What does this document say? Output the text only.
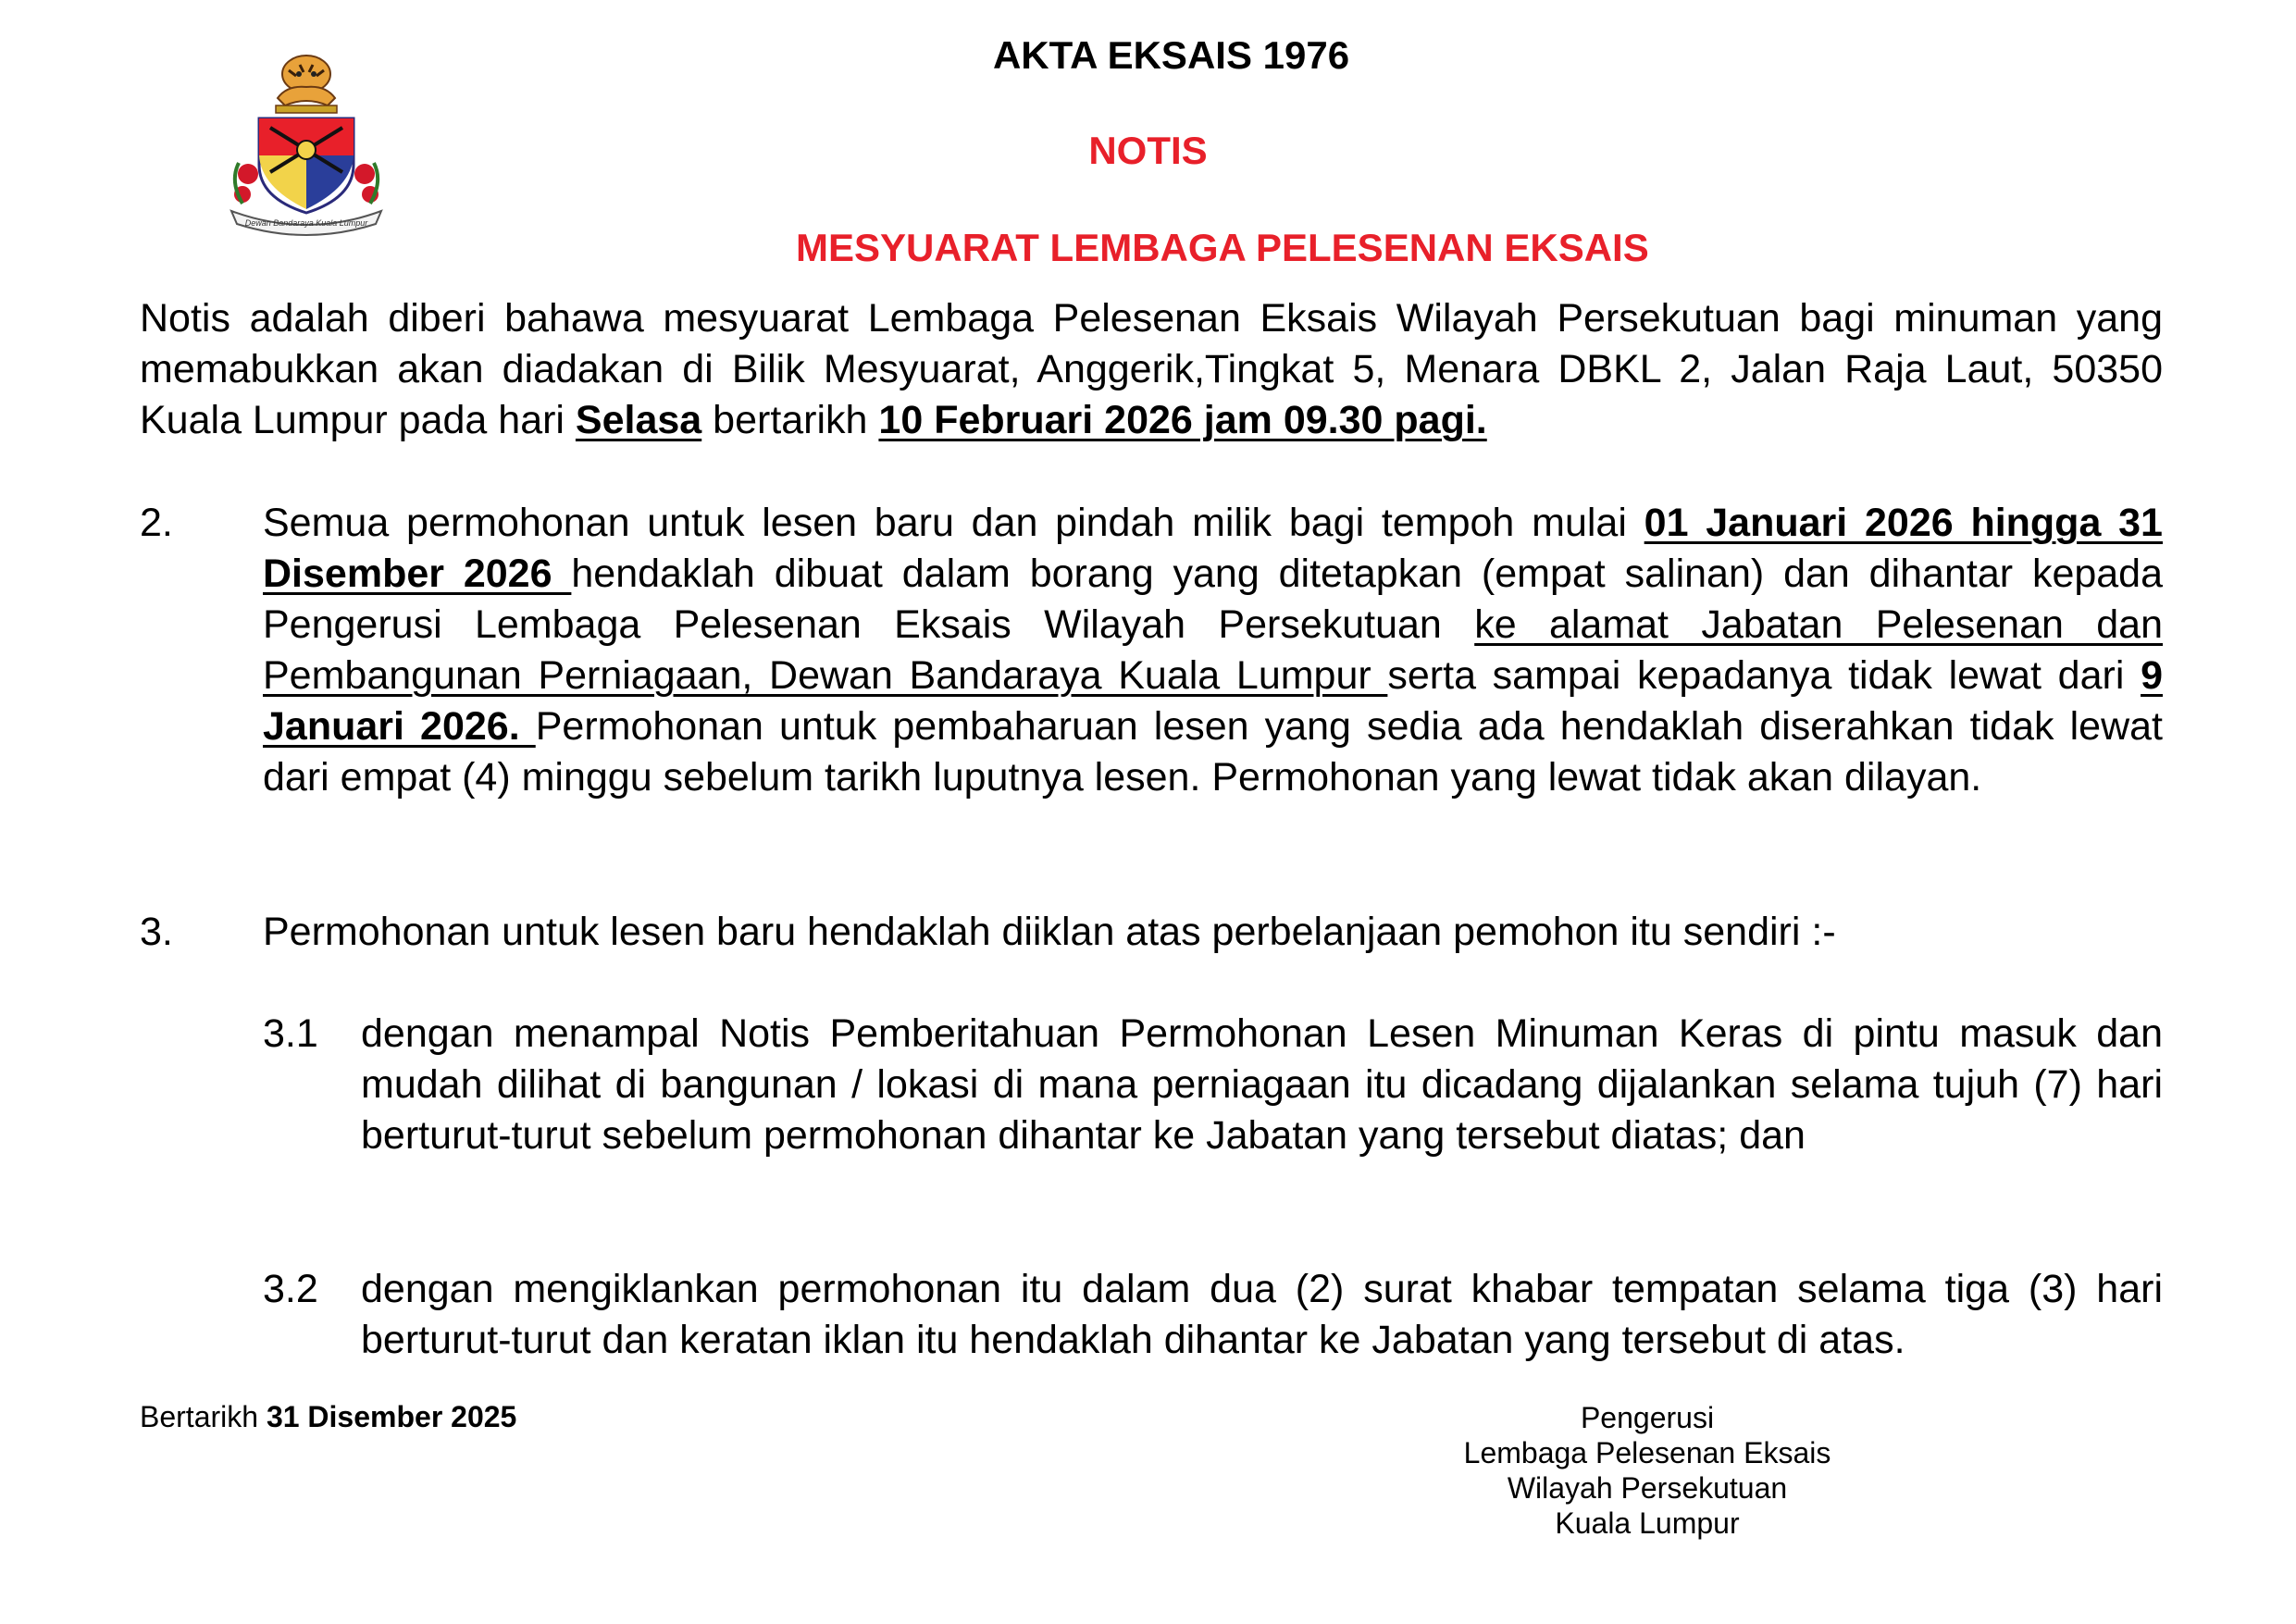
Dewan Bandaraya Kuala Lumpur
AKTA EKSAIS 1976
NOTIS
MESYUARAT LEMBAGA PELESENAN EKSAIS
Notis adalah diberi bahawa mesyuarat Lembaga Pelesenan Eksais Wilayah Persekutuan bagi minuman yang memabukkan akan diadakan di Bilik Mesyuarat, Anggerik,Tingkat 5, Menara DBKL 2, Jalan Raja Laut, 50350 Kuala Lumpur pada hari Selasa bertarikh 10 Februari 2026 jam 09.30 pagi.
2. Semua permohonan untuk lesen baru dan pindah milik bagi tempoh mulai 01 Januari 2026 hingga 31 Disember 2026 hendaklah dibuat dalam borang yang ditetapkan (empat salinan) dan dihantar kepada Pengerusi Lembaga Pelesenan Eksais Wilayah Persekutuan ke alamat Jabatan Pelesenan dan Pembangunan Perniagaan, Dewan Bandaraya Kuala Lumpur serta sampai kepadanya tidak lewat dari 9 Januari 2026. Permohonan untuk pembaharuan lesen yang sedia ada hendaklah diserahkan tidak lewat dari empat (4) minggu sebelum tarikh luputnya lesen. Permohonan yang lewat tidak akan dilayan.
3. Permohonan untuk lesen baru hendaklah diiklan atas perbelanjaan pemohon itu sendiri :-
3.1 dengan menampal Notis Pemberitahuan Permohonan Lesen Minuman Keras di pintu masuk dan mudah dilihat di bangunan / lokasi di mana perniagaan itu dicadang dijalankan selama tujuh (7) hari berturut-turut sebelum permohonan dihantar ke Jabatan yang tersebut diatas; dan
3.2 dengan mengiklankan permohonan itu dalam dua (2) surat khabar tempatan selama tiga (3) hari berturut-turut dan keratan iklan itu hendaklah dihantar ke Jabatan yang tersebut di atas.
Bertarikh 31 Disember 2025	Pengerusi
Lembaga Pelesenan Eksais
Wilayah Persekutuan
Kuala Lumpur
